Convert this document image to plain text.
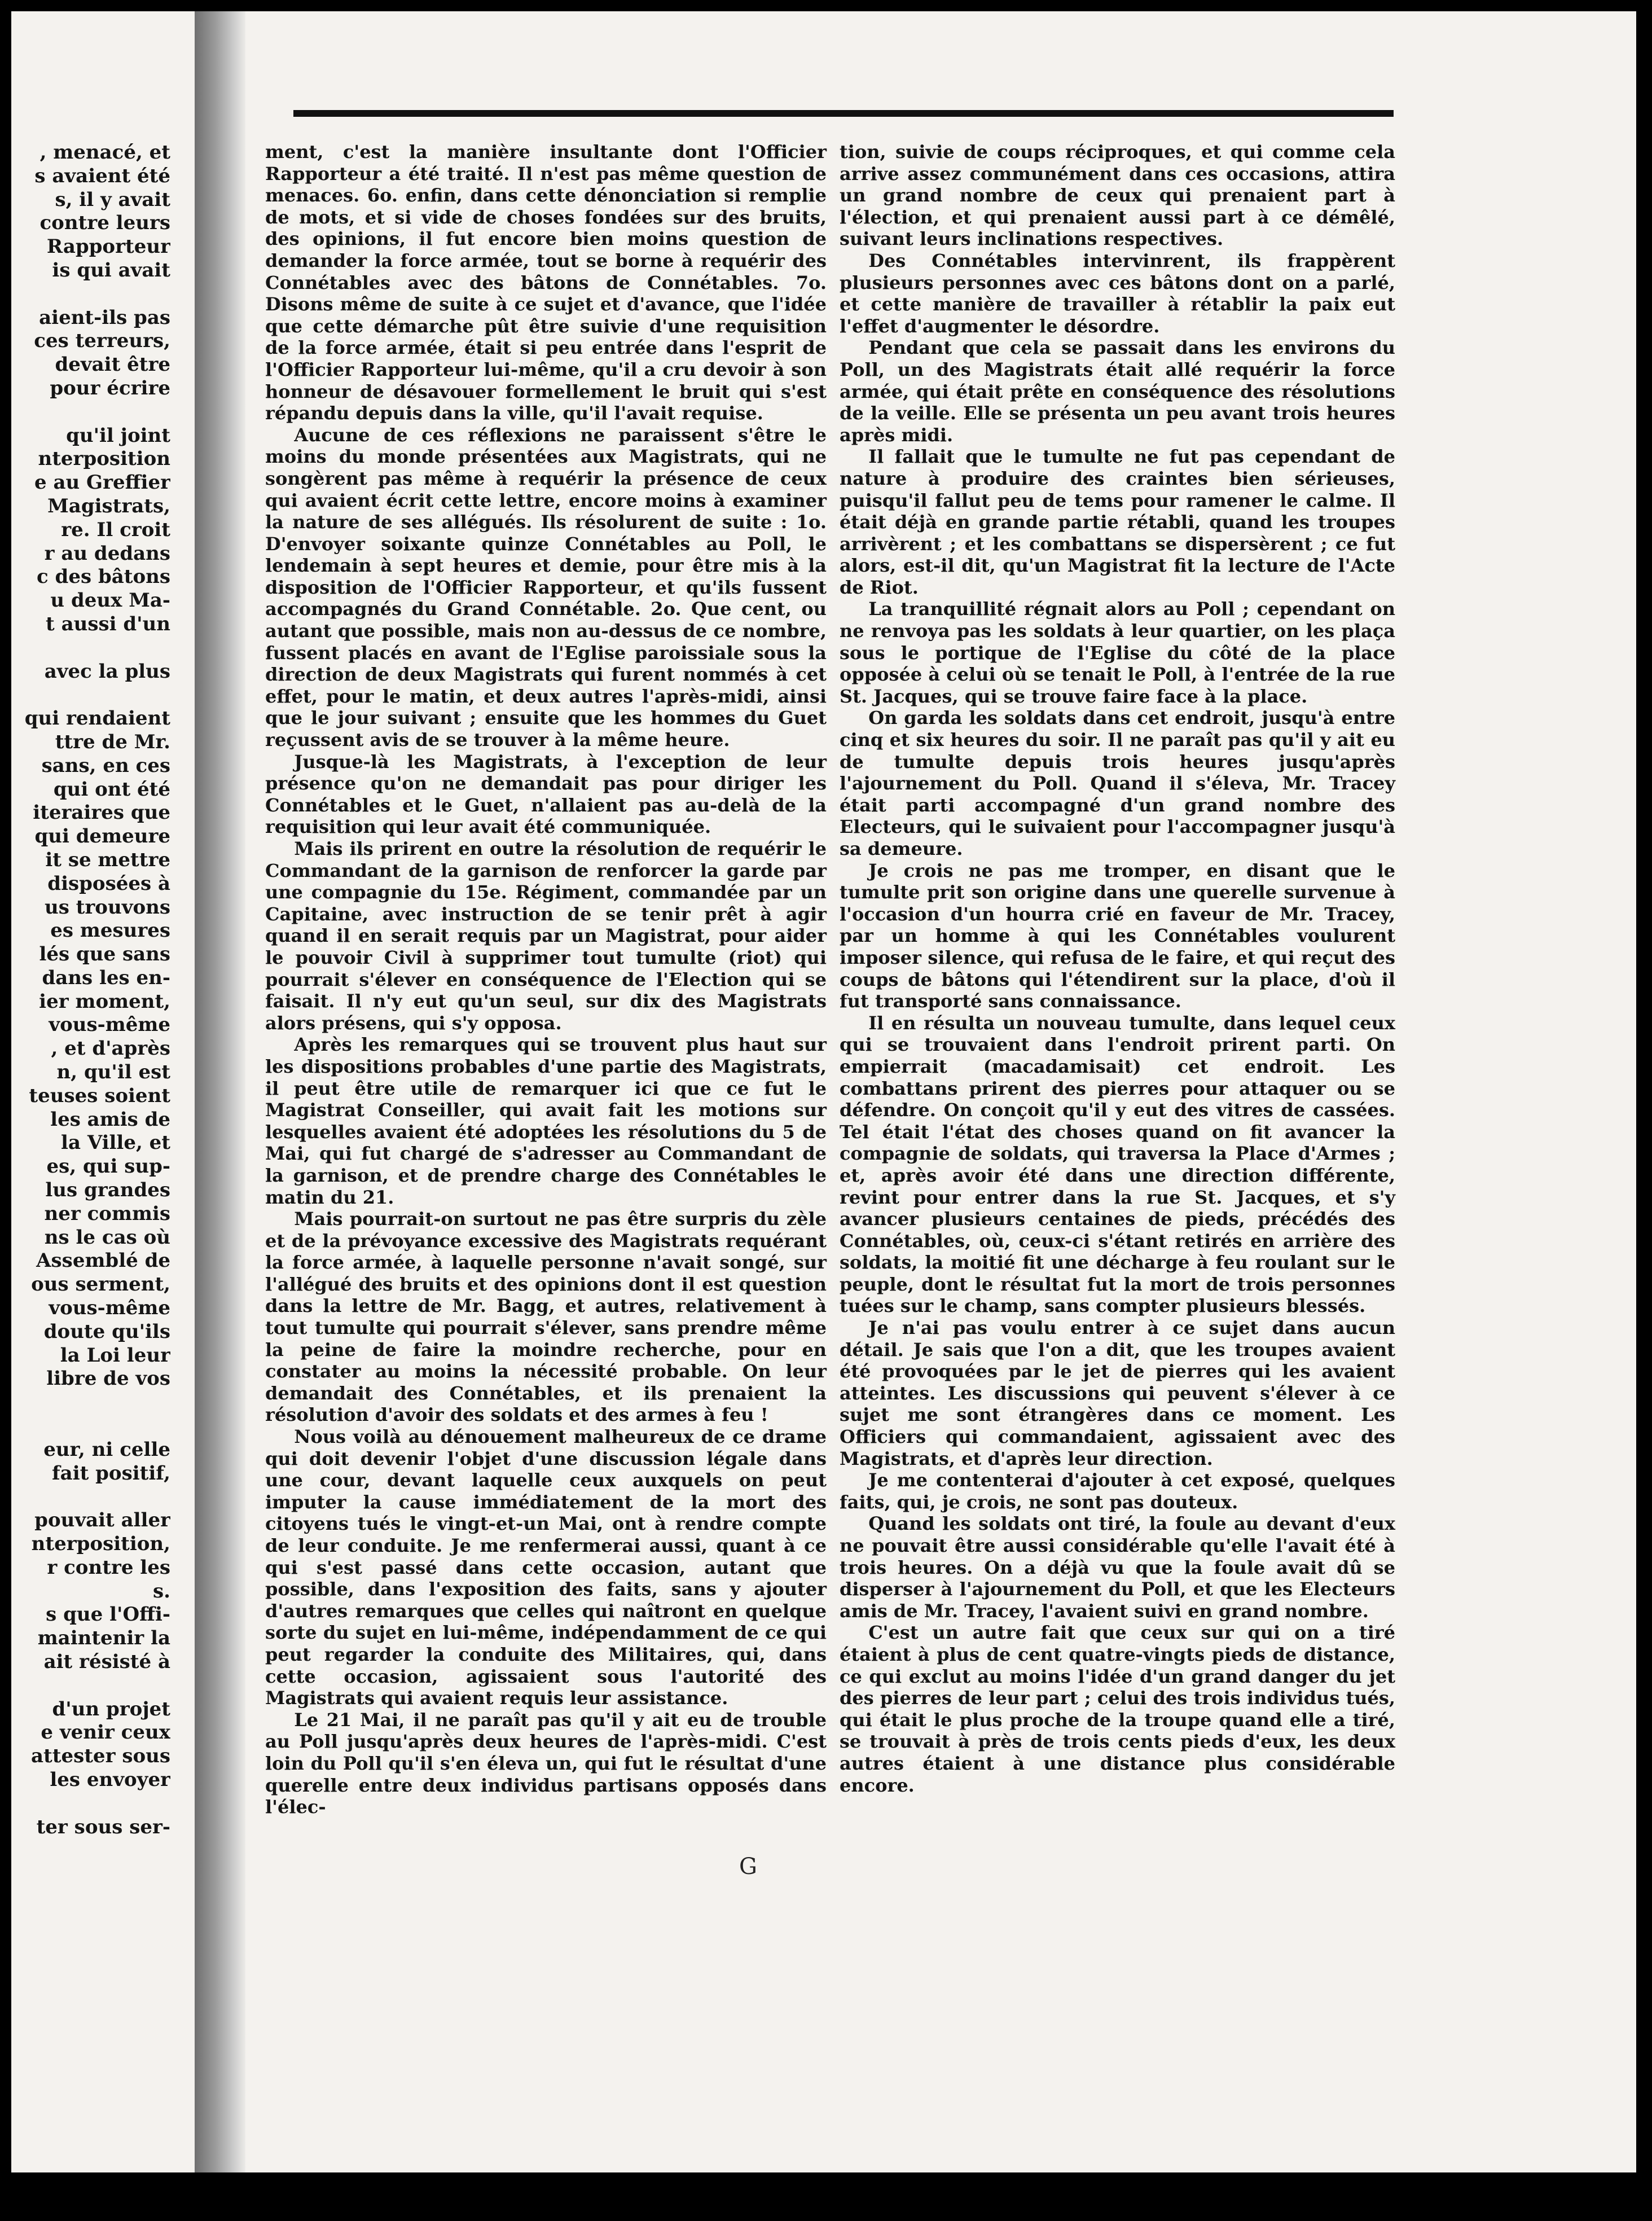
, menacé, et
s avaient été
s, il y avait
contre leurs
Rapporteur
is qui avait

aient-ils pas
ces terreurs,
devait être
pour écrire

qu'il joint
nterposition
e au Greffier
Magistrats,
re. Il croit
r au dedans
c des bâtons
u deux Ma-
t aussi d'un

avec la plus

qui rendaient
ttre de Mr.
sans, en ces
qui ont été
iteraires que
qui demeure
it se mettre
disposées à
us trouvons
es mesures
lés que sans
dans les en-
ier moment,
vous-même
, et d'après
n, qu'il est
teuses soient
les amis de
la Ville, et
es, qui sup-
lus grandes
ner commis
ns le cas où
Assemblé de
ous serment,
vous-même
doute qu'ils
la Loi leur
libre de vos

eur, ni celle
fait positif,

pouvait aller
nterposition,
r contre les
s.
s que l'Offi-
maintenir la
ait résisté à

d'un projet
e venir ceux
attester sous
les envoyer

ter sous ser-

ment, c'est la manière insultante dont l'Officier Rapporteur a été traité. Il n'est pas même question de menaces. 6o. enfin, dans cette dénonciation si remplie de mots, et si vide de choses fondées sur des bruits, des opinions, il fut encore bien moins question de demander la force armée, tout se borne à requérir des Connétables avec des bâtons de Connétables. 7o. Disons même de suite à ce sujet et d'avance, que l'idée que cette démarche pût être suivie d'une requisition de la force armée, était si peu entrée dans l'esprit de l'Officier Rapporteur lui-même, qu'il a cru devoir à son honneur de désavouer formellement le bruit qui s'est répandu depuis dans la ville, qu'il l'avait requise.

Aucune de ces réflexions ne paraissent s'être le moins du monde présentées aux Magistrats, qui ne songèrent pas même à requérir la présence de ceux qui avaient écrit cette lettre, encore moins à examiner la nature de ses allégués. Ils résolurent de suite : 1o. D'envoyer soixante quinze Connétables au Poll, le lendemain à sept heures et demie, pour être mis à la disposition de l'Officier Rapporteur, et qu'ils fussent accompagnés du Grand Connétable. 2o. Que cent, ou autant que possible, mais non au-dessus de ce nombre, fussent placés en avant de l'Eglise paroissiale sous la direction de deux Magistrats qui furent nommés à cet effet, pour le matin, et deux autres l'après-midi, ainsi que le jour suivant ; ensuite que les hommes du Guet reçussent avis de se trouver à la même heure.

Jusque-là les Magistrats, à l'exception de leur présence qu'on ne demandait pas pour diriger les Connétables et le Guet, n'allaient pas au-delà de la requisition qui leur avait été communiquée.

Mais ils prirent en outre la résolution de requérir le Commandant de la garnison de renforcer la garde par une compagnie du 15e. Régiment, commandée par un Capitaine, avec instruction de se tenir prêt à agir quand il en serait requis par un Magistrat, pour aider le pouvoir Civil à supprimer tout tumulte (riot) qui pourrait s'élever en conséquence de l'Election qui se faisait. Il n'y eut qu'un seul, sur dix des Magistrats alors présens, qui s'y opposa.

Après les remarques qui se trouvent plus haut sur les dispositions probables d'une partie des Magistrats, il peut être utile de remarquer ici que ce fut le Magistrat Conseiller, qui avait fait les motions sur lesquelles avaient été adoptées les résolutions du 5 de Mai, qui fut chargé de s'adresser au Commandant de la garnison, et de prendre charge des Connétables le matin du 21.

Mais pourrait-on surtout ne pas être surpris du zèle et de la prévoyance excessive des Magistrats requérant la force armée, à laquelle personne n'avait songé, sur l'allégué des bruits et des opinions dont il est question dans la lettre de Mr. Bagg, et autres, relativement à tout tumulte qui pourrait s'élever, sans prendre même la peine de faire la moindre recherche, pour en constater au moins la nécessité probable. On leur demandait des Connétables, et ils prenaient la résolution d'avoir des soldats et des armes à feu !

Nous voilà au dénouement malheureux de ce drame qui doit devenir l'objet d'une discussion légale dans une cour, devant laquelle ceux auxquels on peut imputer la cause immédiatement de la mort des citoyens tués le vingt-et-un Mai, ont à rendre compte de leur conduite. Je me renfermerai aussi, quant à ce qui s'est passé dans cette occasion, autant que possible, dans l'exposition des faits, sans y ajouter d'autres remarques que celles qui naîtront en quelque sorte du sujet en lui-même, indépendamment de ce qui peut regarder la conduite des Militaires, qui, dans cette occasion, agissaient sous l'autorité des Magistrats qui avaient requis leur assistance.

Le 21 Mai, il ne paraît pas qu'il y ait eu de trouble au Poll jusqu'après deux heures de l'après-midi. C'est loin du Poll qu'il s'en éleva un, qui fut le résultat d'une querelle entre deux individus partisans opposés dans l'élec-

tion, suivie de coups réciproques, et qui comme cela arrive assez communément dans ces occasions, attira un grand nombre de ceux qui prenaient part à l'élection, et qui prenaient aussi part à ce démêlé, suivant leurs inclinations respectives.

Des Connétables intervinrent, ils frappèrent plusieurs personnes avec ces bâtons dont on a parlé, et cette manière de travailler à rétablir la paix eut l'effet d'augmenter le désordre.

Pendant que cela se passait dans les environs du Poll, un des Magistrats était allé requérir la force armée, qui était prête en conséquence des résolutions de la veille. Elle se présenta un peu avant trois heures après midi.

Il fallait que le tumulte ne fut pas cependant de nature à produire des craintes bien sérieuses, puisqu'il fallut peu de tems pour ramener le calme. Il était déjà en grande partie rétabli, quand les troupes arrivèrent ; et les combattans se dispersèrent ; ce fut alors, est-il dit, qu'un Magistrat fit la lecture de l'Acte de Riot.

La tranquillité régnait alors au Poll ; cependant on ne renvoya pas les soldats à leur quartier, on les plaça sous le portique de l'Eglise du côté de la place opposée à celui où se tenait le Poll, à l'entrée de la rue St. Jacques, qui se trouve faire face à la place.

On garda les soldats dans cet endroit, jusqu'à entre cinq et six heures du soir. Il ne paraît pas qu'il y ait eu de tumulte depuis trois heures jusqu'après l'ajournement du Poll. Quand il s'éleva, Mr. Tracey était parti accompagné d'un grand nombre des Electeurs, qui le suivaient pour l'accompagner jusqu'à sa demeure.

Je crois ne pas me tromper, en disant que le tumulte prit son origine dans une querelle survenue à l'occasion d'un hourra crié en faveur de Mr. Tracey, par un homme à qui les Connétables voulurent imposer silence, qui refusa de le faire, et qui reçut des coups de bâtons qui l'étendirent sur la place, d'où il fut transporté sans connaissance.

Il en résulta un nouveau tumulte, dans lequel ceux qui se trouvaient dans l'endroit prirent parti. On empierrait (macadamisait) cet endroit. Les combattans prirent des pierres pour attaquer ou se défendre. On conçoit qu'il y eut des vitres de cassées. Tel était l'état des choses quand on fit avancer la compagnie de soldats, qui traversa la Place d'Armes ; et, après avoir été dans une direction différente, revint pour entrer dans la rue St. Jacques, et s'y avancer plusieurs centaines de pieds, précédés des Connétables, où, ceux-ci s'étant retirés en arrière des soldats, la moitié fit une décharge à feu roulant sur le peuple, dont le résultat fut la mort de trois personnes tuées sur le champ, sans compter plusieurs blessés.

Je n'ai pas voulu entrer à ce sujet dans aucun détail. Je sais que l'on a dit, que les troupes avaient été provoquées par le jet de pierres qui les avaient atteintes. Les discussions qui peuvent s'élever à ce sujet me sont étrangères dans ce moment. Les Officiers qui commandaient, agissaient avec des Magistrats, et d'après leur direction.

Je me contenterai d'ajouter à cet exposé, quelques faits, qui, je crois, ne sont pas douteux.

Quand les soldats ont tiré, la foule au devant d'eux ne pouvait être aussi considérable qu'elle l'avait été à trois heures. On a déjà vu que la foule avait dû se disperser à l'ajournement du Poll, et que les Electeurs amis de Mr. Tracey, l'avaient suivi en grand nombre.

C'est un autre fait que ceux sur qui on a tiré étaient à plus de cent quatre-vingts pieds de distance, ce qui exclut au moins l'idée d'un grand danger du jet des pierres de leur part ; celui des trois individus tués, qui était le plus proche de la troupe quand elle a tiré, se trouvait à près de trois cents pieds d'eux, les deux autres étaient à une distance plus considérable encore.

G
